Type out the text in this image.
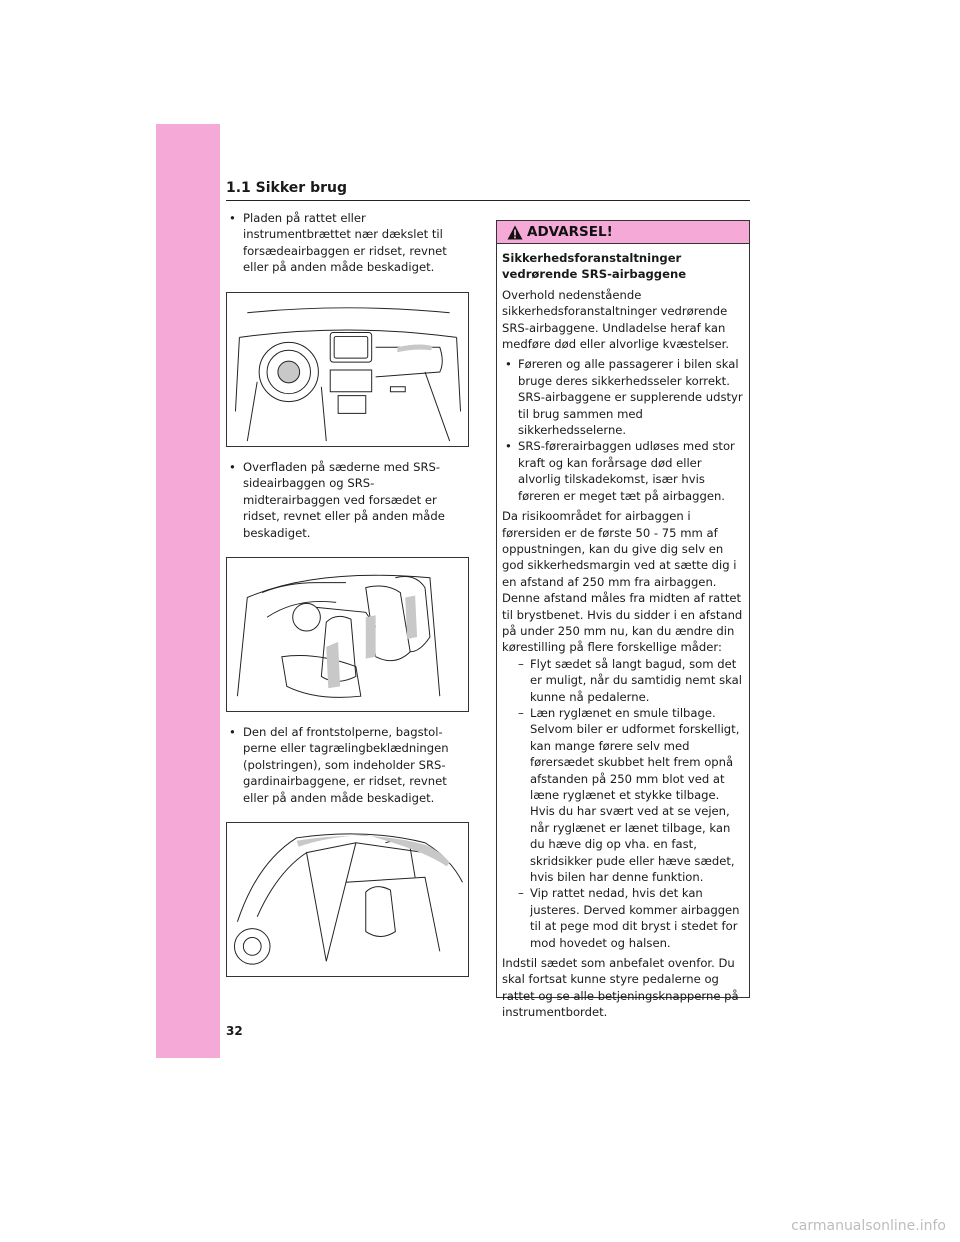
1.1 Sikker brug

• Pladen på rattet eller instrumentbrættet nær dækslet til forsædeairbaggen er ridset, revnet eller på anden måde beskadiget.

• Overfladen på sæderne med SRS-sideairbaggen og SRS-midterairbaggen ved forsædet er ridset, revnet eller på anden måde beskadiget.

• Den del af frontstolperne, bagstol-perne eller tagrælingbeklædningen (polstringen), som indeholder SRS-gardinairbaggene, er ridset, revnet eller på anden måde beskadiget.

ADVARSEL!

Sikkerhedsforanstaltninger vedrørende SRS-airbaggene

Overhold nedenstående sikkerhedsforanstaltninger vedrørende SRS-airbaggene. Undladelse heraf kan medføre død eller alvorlige kvæstelser.

• Føreren og alle passagerer i bilen skal bruge deres sikkerhedsseler korrekt. SRS-airbaggene er supplerende udstyr til brug sammen med sikkerhedsselerne.

• SRS-førerairbaggen udløses med stor kraft og kan forårsage død eller alvorlig tilskadekomst, især hvis føreren er meget tæt på airbaggen.

Da risikoområdet for airbaggen i førersiden er de første 50 - 75 mm af oppustningen, kan du give dig selv en god sikkerhedsmargin ved at sætte dig i en afstand af 250 mm fra airbaggen. Denne afstand måles fra midten af rattet til brystbenet. Hvis du sidder i en afstand på under 250 mm nu, kan du ændre din kørestilling på flere forskellige måder:

– Flyt sædet så langt bagud, som det er muligt, når du samtidig nemt skal kunne nå pedalerne.

– Læn ryglænet en smule tilbage. Selvom biler er udformet forskelligt, kan mange førere selv med førersædet skubbet helt frem opnå afstanden på 250 mm blot ved at læne ryglænet et stykke tilbage. Hvis du har svært ved at se vejen, når ryglænet er lænet tilbage, kan du hæve dig op vha. en fast, skridsikker pude eller hæve sædet, hvis bilen har denne funktion.

– Vip rattet nedad, hvis det kan justeres. Derved kommer airbaggen til at pege mod dit bryst i stedet for mod hovedet og halsen.

Indstil sædet som anbefalet ovenfor. Du skal fortsat kunne styre pedalerne og rattet og se alle betjeningsknapperne på instrumentbordet.

32
carmanualsonline.info
